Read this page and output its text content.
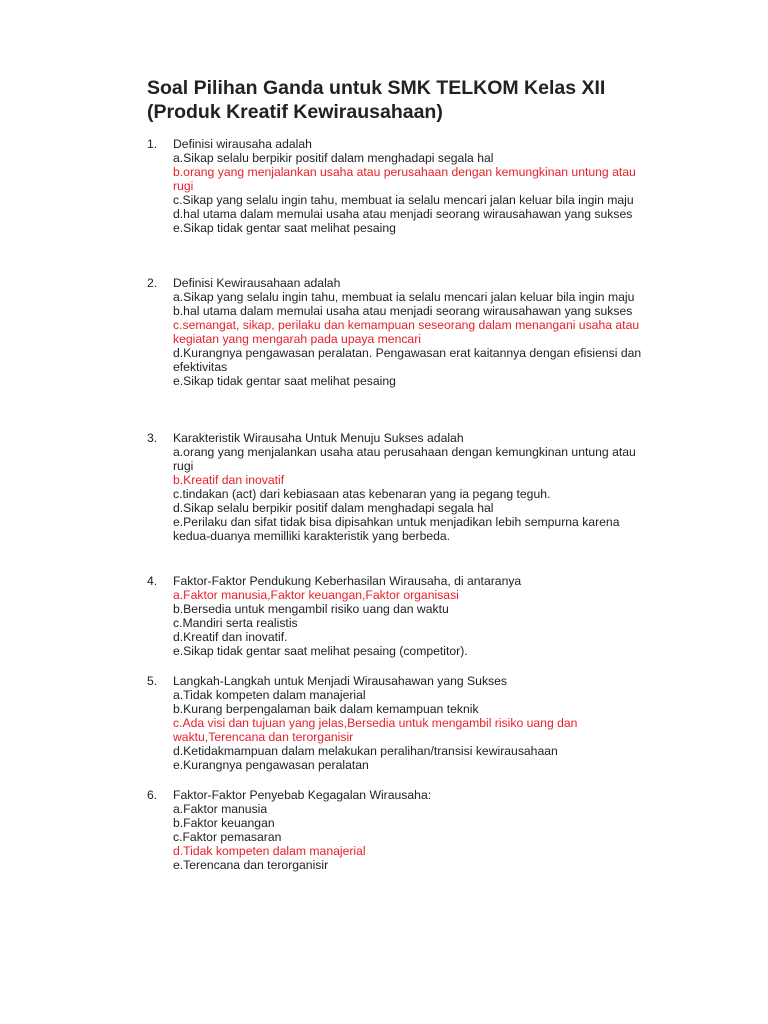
Soal Pilihan Ganda untuk SMK TELKOM Kelas XII
(Produk Kreatif Kewirausahaan)
1.	Definisi wirausaha adalah
a.Sikap selalu berpikir positif dalam menghadapi segala hal
b.orang yang menjalankan usaha atau perusahaan dengan kemungkinan untung atau rugi
c.Sikap yang selalu ingin tahu, membuat ia selalu mencari jalan keluar bila ingin maju
d.hal utama dalam memulai usaha atau menjadi seorang wirausahawan yang sukses
e.Sikap tidak gentar saat melihat pesaing
2.	Definisi Kewirausahaan adalah
a.Sikap yang selalu ingin tahu, membuat ia selalu mencari jalan keluar bila ingin maju
b.hal utama dalam memulai usaha atau menjadi seorang wirausahawan yang sukses
c.semangat, sikap, perilaku dan kemampuan seseorang dalam menangani usaha atau kegiatan yang mengarah pada upaya mencari
d.Kurangnya pengawasan peralatan. Pengawasan erat kaitannya dengan efisiensi dan efektivitas
e.Sikap tidak gentar saat melihat pesaing
3.	Karakteristik Wirausaha Untuk Menuju Sukses adalah
a.orang yang menjalankan usaha atau perusahaan dengan kemungkinan untung atau rugi
b.Kreatif dan inovatif
c.tindakan (act) dari kebiasaan atas kebenaran yang ia pegang teguh.
d.Sikap selalu berpikir positif dalam menghadapi segala hal
e.Perilaku dan sifat tidak bisa dipisahkan untuk menjadikan lebih sempurna karena kedua-duanya memilliki karakteristik yang berbeda.
4.	Faktor-Faktor Pendukung Keberhasilan Wirausaha, di antaranya
a.Faktor manusia,Faktor keuangan,Faktor organisasi
b.Bersedia untuk mengambil risiko uang dan waktu
c.Mandiri serta realistis
d.Kreatif dan inovatif.
e.Sikap tidak gentar saat melihat pesaing (competitor).
5.	Langkah-Langkah untuk Menjadi Wirausahawan yang Sukses
a.Tidak kompeten dalam manajerial
b.Kurang berpengalaman baik dalam kemampuan teknik
c.Ada visi dan tujuan yang jelas,Bersedia untuk mengambil risiko uang dan waktu,Terencana dan terorganisir
d.Ketidakmampuan dalam melakukan peralihan/transisi kewirausahaan
e.Kurangnya pengawasan peralatan
6.	Faktor-Faktor Penyebab Kegagalan Wirausaha:
a.Faktor manusia
b.Faktor keuangan
c.Faktor pemasaran
d.Tidak kompeten dalam manajerial
e.Terencana dan terorganisir
